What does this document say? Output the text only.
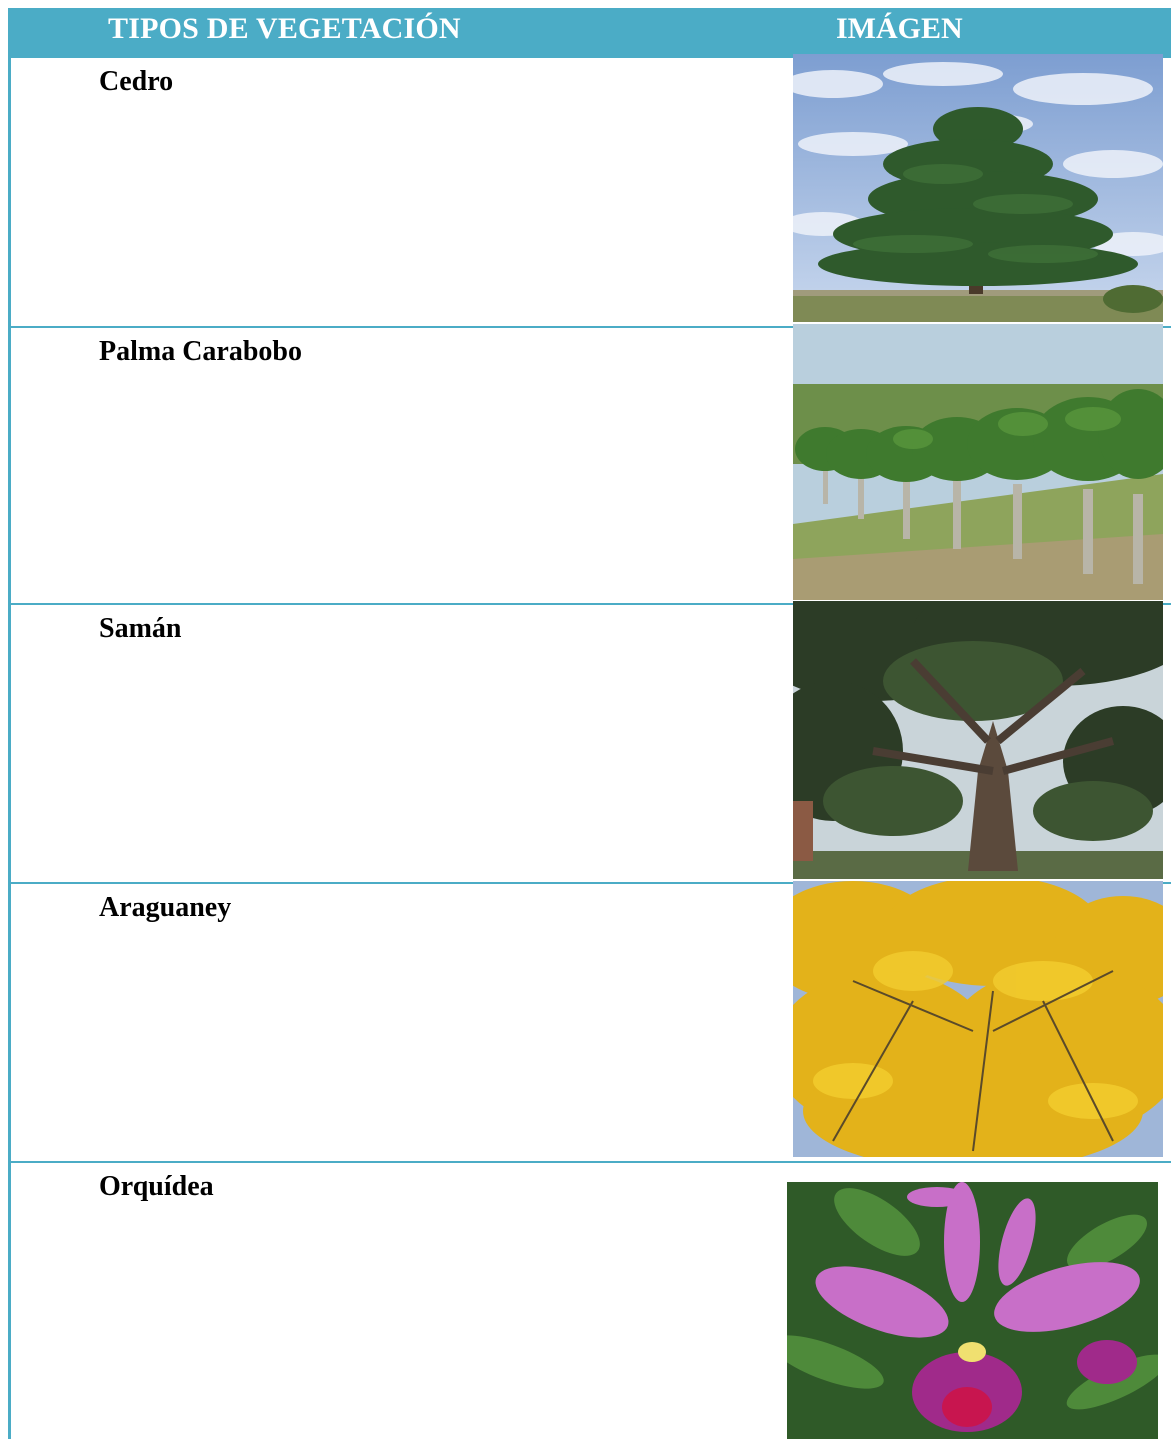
TIPOS DE VEGETACIÓN	IMÁGEN
Cedro
Palma Carabobo
Samán
Araguaney
Orquídea
